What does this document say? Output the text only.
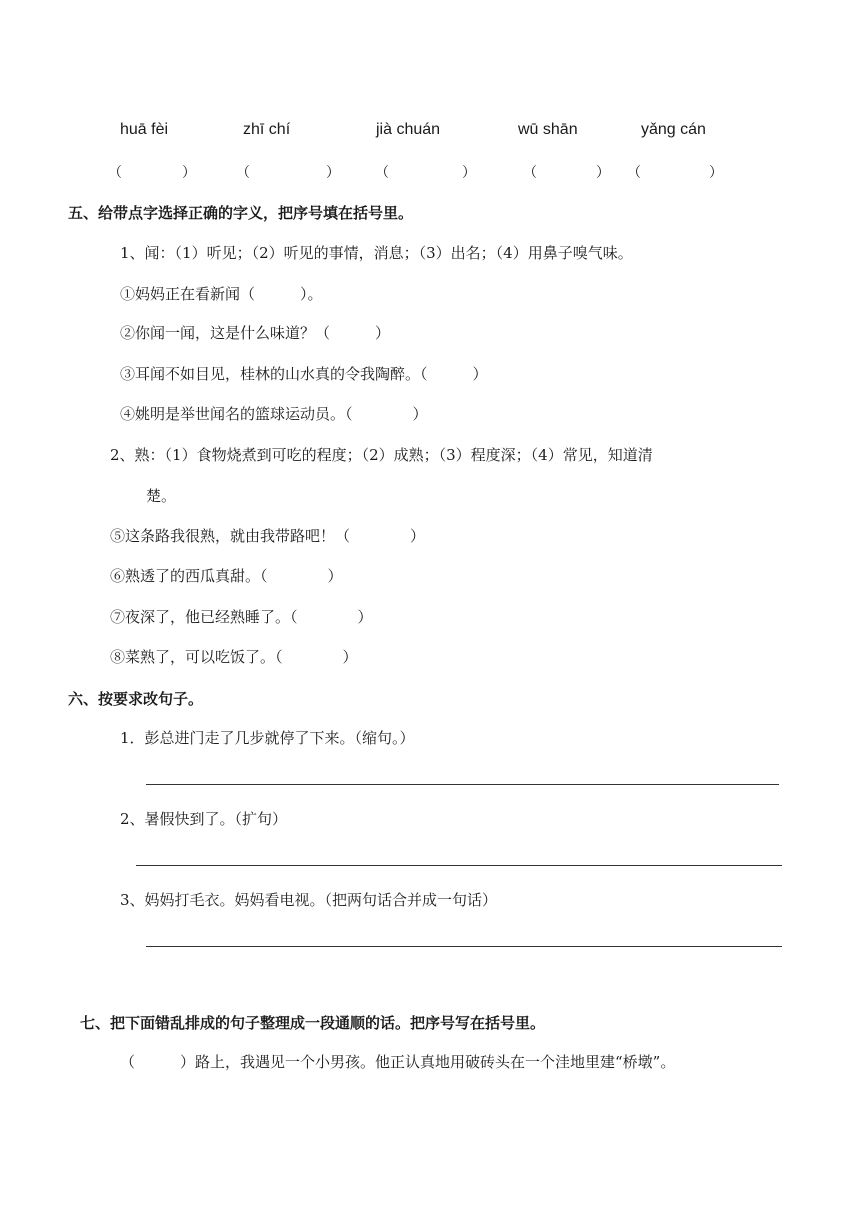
huā fèi	zhī chí	jià chuán	wū shān	yǎng cán
（	）	（	）	（	）	（	） （	）
五、给带点字选择正确的字义，把序号填在括号里。
1、闻：（1）听见；（2）听见的事情，消息；（3）出名；（4）用鼻子嗅气味。
①妈妈正在看新闻（　　　）。
②你闻一闻，这是什么味道？（　　　）
③耳闻不如目见，桂林的山水真的令我陶醉。（　　　）
④姚明是举世闻名的篮球运动员。（　　　　）
2、熟：（1）食物烧煮到可吃的程度；（2）成熟；（3）程度深；（4）常见，知道清
楚。
⑤这条路我很熟，就由我带路吧！（　　　　）
⑥熟透了的西瓜真甜。（　　　　）
⑦夜深了，他已经熟睡了。（　　　　）
⑧菜熟了，可以吃饭了。（　　　　）
六、按要求改句子。
1．彭总进门走了几步就停了下来。（缩句。）
2、暑假快到了。（扩句）
3、妈妈打毛衣。妈妈看电视。（把两句话合并成一句话）
七、把下面错乱排成的句子整理成一段通顺的话。把序号写在括号里。
（　　　）路上，我遇见一个小男孩。他正认真地用破砖头在一个洼地里建“桥墩”。
